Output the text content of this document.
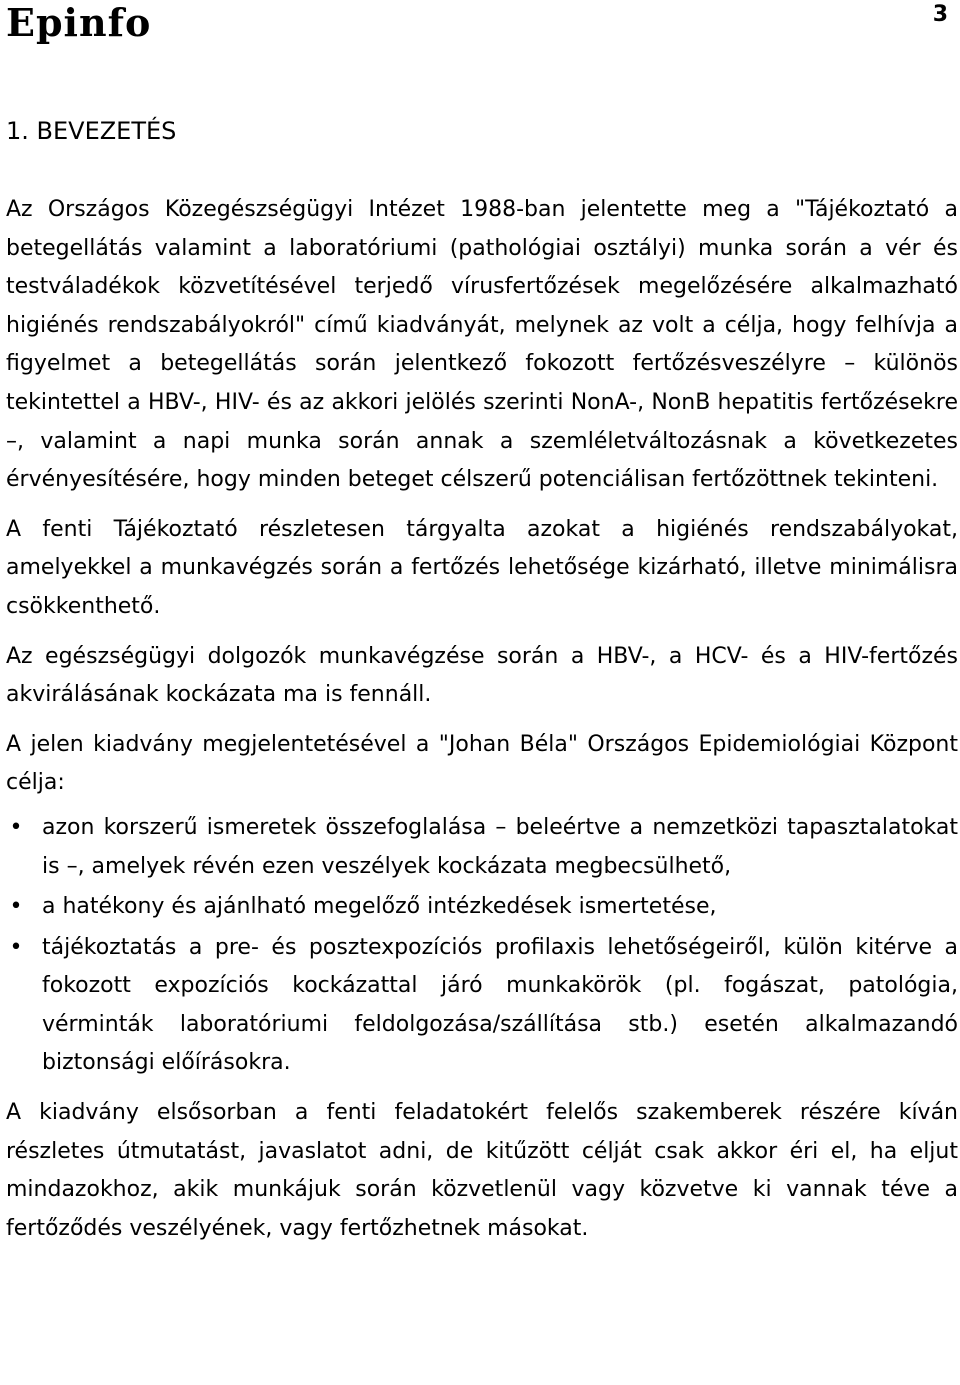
Epinfo	3
1. BEVEZETÉS

Az Országos Közegészségügyi Intézet 1988-ban jelentette meg a "Tájékoztató a betegellátás valamint a laboratóriumi (pathológiai osztályi) munka során a vér és testváladékok közvetítésével terjedő vírusfertőzések megelőzésére alkalmazható higiénés rendszabályokról" című kiadványát, melynek az volt a célja, hogy felhívja a figyelmet a betegellátás során jelentkező fokozott fertőzésveszélyre – különös tekintettel a HBV-, HIV- és az akkori jelölés szerinti NonA-, NonB hepatitis fertőzésekre –, valamint a napi munka során annak a szemléletváltozásnak a következetes érvényesítésére, hogy minden beteget célszerű potenciálisan fertőzöttnek tekinteni.

A fenti Tájékoztató részletesen tárgyalta azokat a higiénés rendszabályokat, amelyekkel a munkavégzés során a fertőzés lehetősége kizárható, illetve minimálisra csökkenthető.

Az egészségügyi dolgozók munkavégzése során a HBV-, a HCV- és a HIV-fertőzés akvirálásának kockázata ma is fennáll.

A jelen kiadvány megjelentetésével a "Johan Béla" Országos Epidemiológiai Központ célja:

• azon korszerű ismeretek összefoglalása – beleértve a nemzetközi tapasztalatokat is –, amelyek révén ezen veszélyek kockázata megbecsülhető,
• a hatékony és ajánlható megelőző intézkedések ismertetése,
• tájékoztatás a pre- és posztexpozíciós profilaxis lehetőségeiről, külön kitérve a fokozott expozíciós kockázattal járó munkakörök (pl. fogászat, patológia, vérminták laboratóriumi feldolgozása/szállítása stb.) esetén alkalmazandó biztonsági előírásokra.

A kiadvány elsősorban a fenti feladatokért felelős szakemberek részére kíván részletes útmutatást, javaslatot adni, de kitűzött célját csak akkor éri el, ha eljut mindazokhoz, akik munkájuk során közvetlenül vagy közvetve ki vannak téve a fertőződés veszélyének, vagy fertőzhetnek másokat.
